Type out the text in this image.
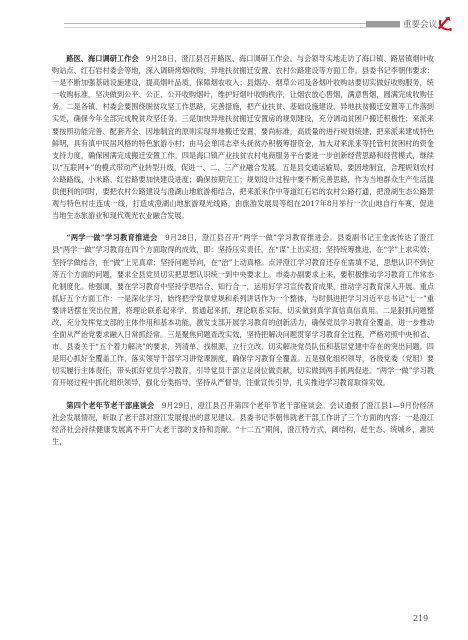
重要会议

路医、海口调研工作会　 9月28日，澄江县召开路医、海口调研工作会。与会领导实地走访了海口镇、路居镇烟叶收购站点、红石岩村委会等地，深入调研烤烟收购、异地扶贫搬迁安置、农村公路建设等方面工作。县委书记李朝伟要求：一是不断加强基础设施建设，提高烟叶品质，保障烟农收入；县烟办、烟草公司及各烟叶收购站要切实做好收购服务，统一收购标准，坚决做到公平、公正、公开收购烟叶，维护好烟叶收购秩序，让烟农放心售烟，满意售烟，圆满完成收购任务。二是各镇、村委会要围绕脱贫攻坚工作思路，完善措施，把产业扶贫、基础设施建设、异地扶贫搬迁安置等工作落到实处，确保今年全部完成脱贫攻坚任务。三是加快异地扶贫搬迁安置房的规划建设，充分调动贫困户搬迁积极性；来派来要按照功能完善、配套齐全、因地制宜的原则实现异地搬迁安置，要尚标准，高质量的进行规划统建，把来派来建成特色鲜明，具有滇中民居风格的特色旅游小村；由马会单同志牵头抚贫办积极筹措资金，加大对来派来等托管村贫困村的资金支持力度，确保困满完成搬迁安置工作。四是海口镇产业扶贫农村电商服务平台要进一步创新经营思路和经营模式，继续以“互联网+”的模式带动产业转型升级，促进一、二、三产业融合发展。五是县交通运输局，要因地制宜，合理规划农村公路路线，小米路、红岩路要加快建设进度；确保按期完工；规划设计过程中要不断完善思路，作为当地群众生产生活提供便利的同时，要把农村公路建设与澄湖山地旅游相结合，把来派来作中等道红石岩的农村公路打通，把澄湖生态公路景观与特色村庄连成一线，打造成澄湖山地旅游观光线路，由旅游发展局等组在2017年8月举行一次山地自行车赛，促进当地生态旅游业和现代观光农业融合发展。

“两学一做”学习教育推进会　 9月28日，澄江县召开“两学一做”学习教育推进会。县委副书记王金波传达了澄江县“两学一做”学习教育在四个方面取得的成效，即：坚持压实责任，在“谋”上出实招；坚持统筹推进，在“学”上求实效；坚持学做结合，在“做”上见真章；坚持问题导向，在“治”上动真格。点评澄江学习教育还存在需填不足，思想认识不到位等五个方面的问题，要求全县党员切实把思想认识统一到中央要求上。市委办副要求上来，要积极推动学习教育工作常态化制度化。他强调，要在学习教育中坚持学思结合、知行合一，运用好学习宣传教育成果，推动学习教育深入开展。重点抓好五个方面工作：一是深化学习，始终把学党章党规和系列讲话作为一个整体，与时俱进把学习习近平总书记“七一”重要讲话摆在突出位置，将理论联系起来学、贯通起来抓，理论联系实际，切实做到真学真信真信真用。二是狠抓问题整改，充分发挥党支部的主体作用和基本功能，激发支部开展学习教育的创新活力，确保党员学习教育全覆盖，进一步推动全面从严治党要求融入日常抓经常。三是聚焦问题查改实效，坚持把解决问题贯穿学习教育全过程，严格对照中央和省、市、县委关于“五个着力解决”的要求，列清单、找根源，立行立改，切实解决党员队伍和基层党建中存在的突出问题。四是用心抓好全覆盖工作，落实领导干部学习讲党课制度，确保学习教育全覆盖。五是强化组织领导，各级党委（党组）要切实履行主体责任，带头抓好党员学习教育，引导党员干部立足岗位做贡献，切实做到两手抓两促进。“两学一做”学习教育开展过程中抓化组织领导，强化分类指导，坚持从严督导，注重宣传引导，扎实推进学习教育取得实效。

第四个老年节老干部座谈会　 9月29日，澄江县召开第四个老年节老干部座谈会。会议通报了澄江县1—9月份经济社会发展情况，听取了老干部对澄江发展提出的意见建议。县委书记李朝伟就老干部工作讲了三个方面的内容：一是澄江经济社会持续健康发展离不开广大老干部的支持和贡献。“十二五”期间，澄江特方式、阔结构，赶生态、统城乡，惠民生，

219
